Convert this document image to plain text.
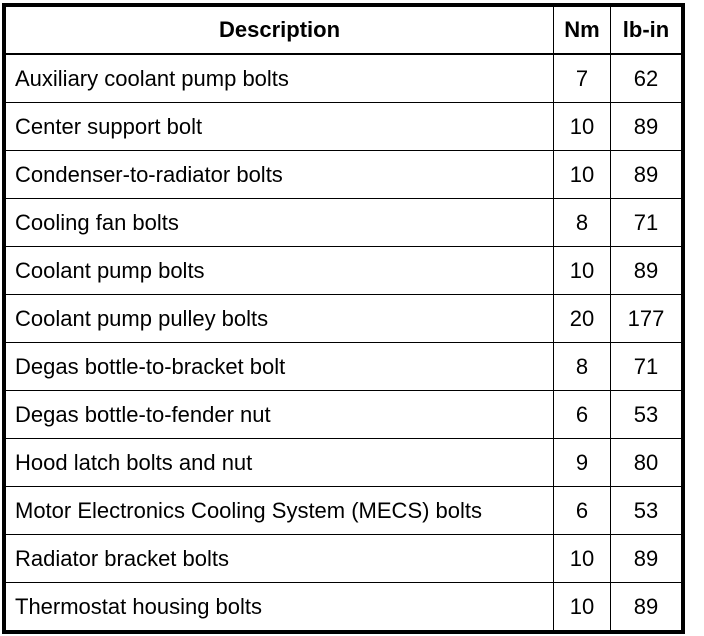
Description	Nm	lb-in
Auxiliary coolant pump bolts	7	62
Center support bolt	10	89
Condenser-to-radiator bolts	10	89
Cooling fan bolts	8	71
Coolant pump bolts	10	89
Coolant pump pulley bolts	20	177
Degas bottle-to-bracket bolt	8	71
Degas bottle-to-fender nut	6	53
Hood latch bolts and nut	9	80
Motor Electronics Cooling System (MECS) bolts	6	53
Radiator bracket bolts	10	89
Thermostat housing bolts	10	89
